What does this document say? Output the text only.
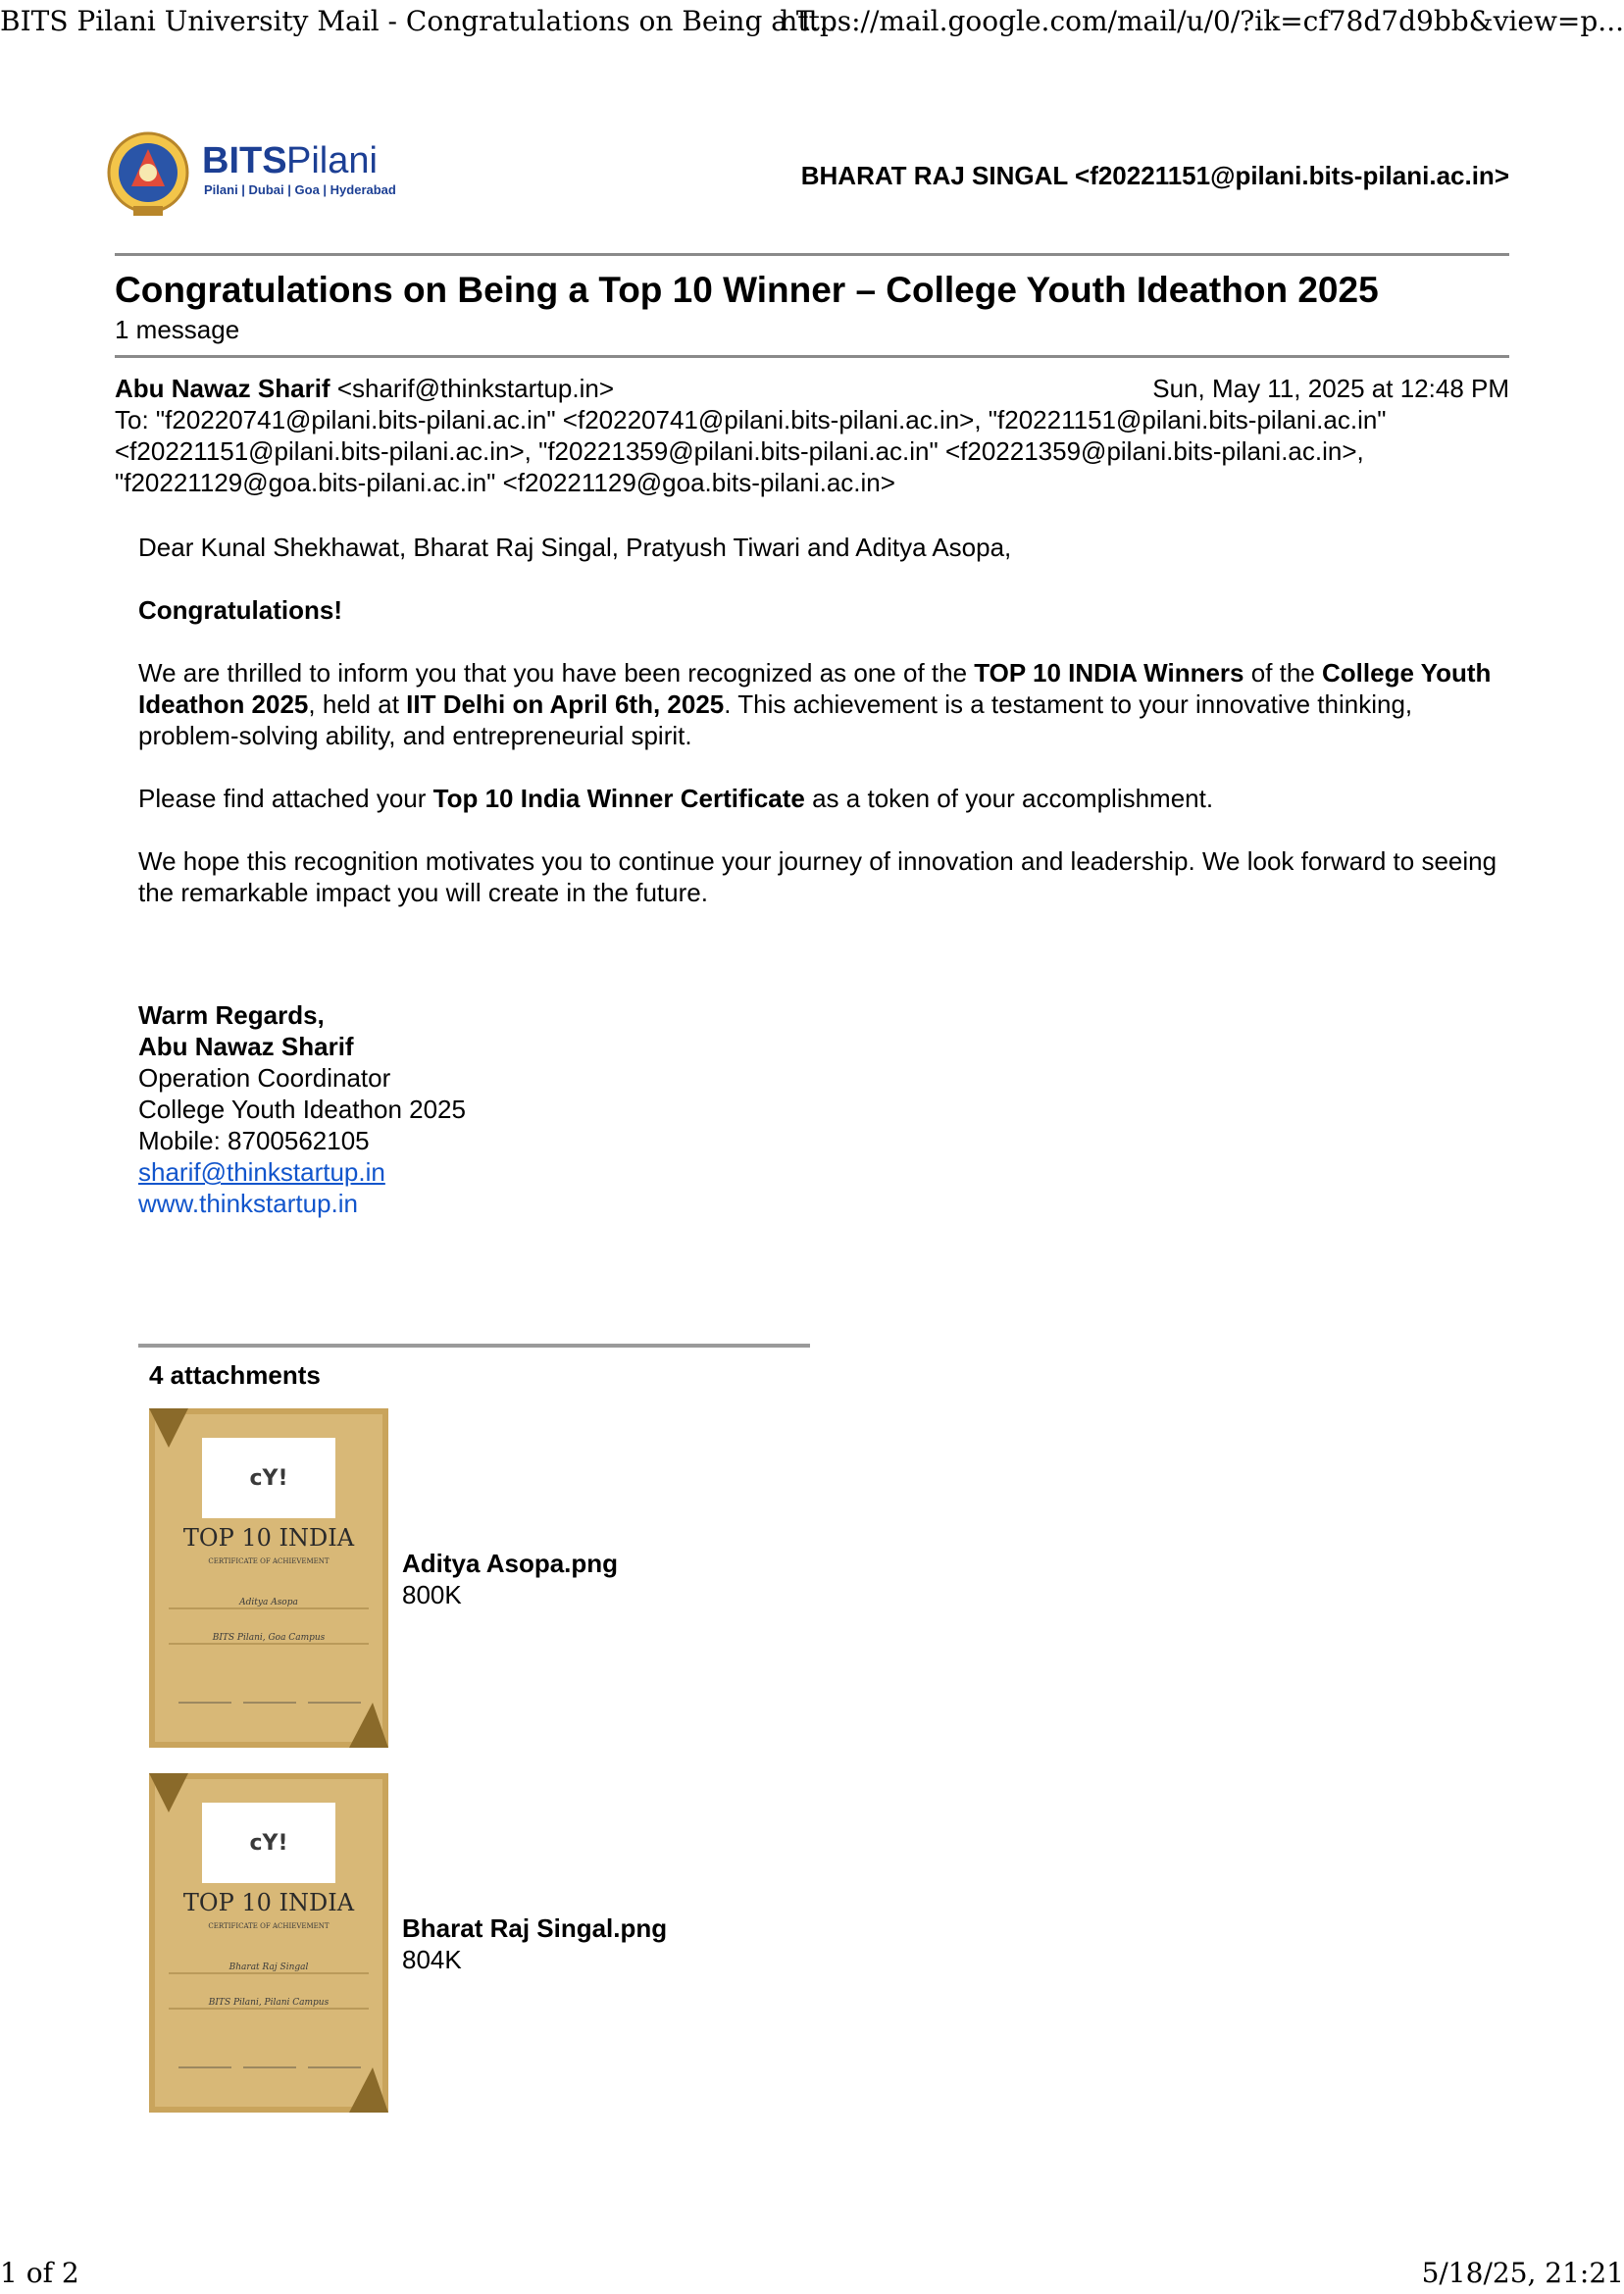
BITS Pilani University Mail - Congratulations on Being a T...
https://mail.google.com/mail/u/0/?ik=cf78d7d9bb&view=p...
BITS Pilani
Pilani | Dubai | Goa | Hyderabad	BHARAT RAJ SINGAL <f20221151@pilani.bits-pilani.ac.in>
Congratulations on Being a Top 10 Winner – College Youth Ideathon 2025
1 message
Abu Nawaz Sharif <sharif@thinkstartup.in>	Sun, May 11, 2025 at 12:48 PM
To: "f20220741@pilani.bits-pilani.ac.in" <f20220741@pilani.bits-pilani.ac.in>, "f20221151@pilani.bits-pilani.ac.in" <f20221151@pilani.bits-pilani.ac.in>, "f20221359@pilani.bits-pilani.ac.in" <f20221359@pilani.bits-pilani.ac.in>, "f20221129@goa.bits-pilani.ac.in" <f20221129@goa.bits-pilani.ac.in>

Dear Kunal Shekhawat, Bharat Raj Singal, Pratyush Tiwari and Aditya Asopa,

Congratulations!

We are thrilled to inform you that you have been recognized as one of the TOP 10 INDIA Winners of the College Youth Ideathon 2025, held at IIT Delhi on April 6th, 2025. This achievement is a testament to your innovative thinking, problem-solving ability, and entrepreneurial spirit.

Please find attached your Top 10 India Winner Certificate as a token of your accomplishment.

We hope this recognition motivates you to continue your journey of innovation and leadership. We look forward to seeing the remarkable impact you will create in the future.

Warm Regards,
Abu Nawaz Sharif
Operation Coordinator
College Youth Ideathon 2025
Mobile: 8700562105
sharif@thinkstartup.in
www.thinkstartup.in
4 attachments
cY!
TOP 10 INDIA
CERTIFICATE OF ACHIEVEMENT
Aditya Asopa
BITS Pilani, Goa Campus
Aditya Asopa.png
800K
cY!
TOP 10 INDIA
CERTIFICATE OF ACHIEVEMENT
Bharat Raj Singal
BITS Pilani, Pilani Campus
Bharat Raj Singal.png
804K
1 of 2	5/18/25, 21:21
